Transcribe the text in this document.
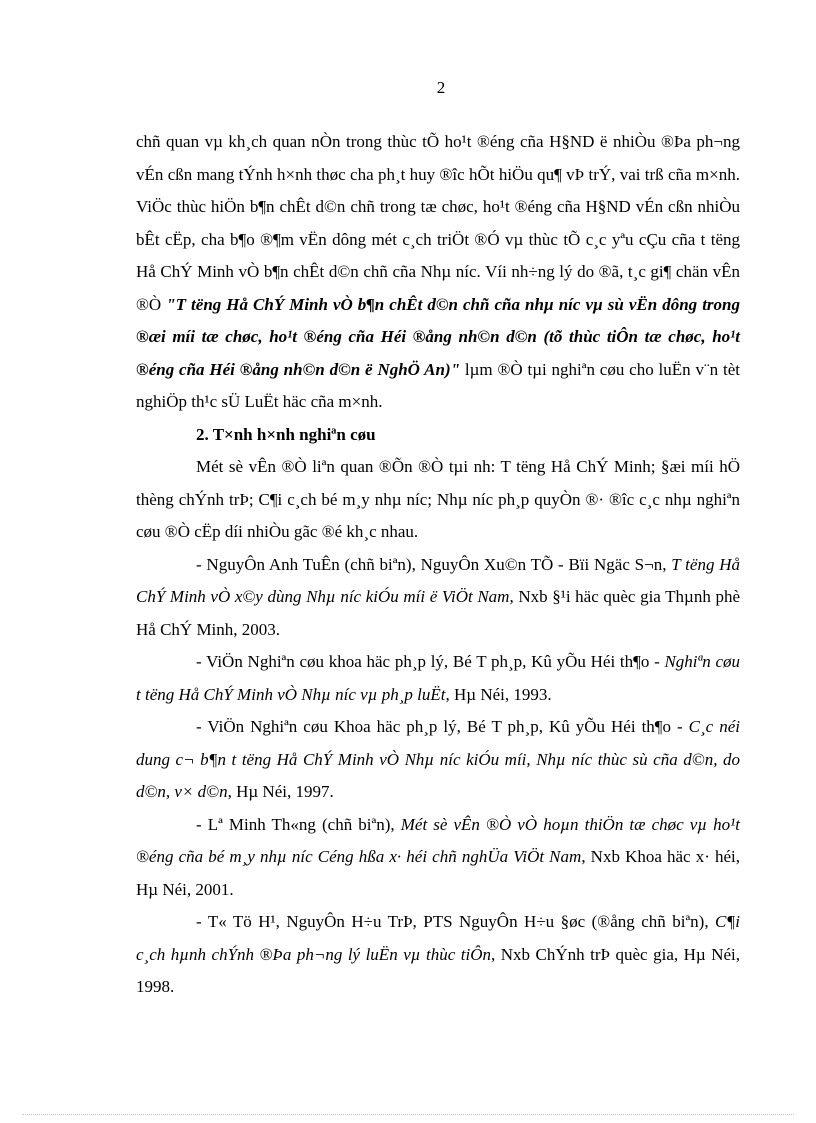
2

chñ quan vµ kh¸ch quan nÒn trong thùc tÕ ho¹t ®éng cña H§ND ë nhiÒu ®Þa ph¬ng vÉn cßn mang tÝnh h×nh thøc cha ph¸t huy ®îc hÕt hiÖu qu¶ vÞ trÝ, vai trß cña m×nh. ViÖc thùc hiÖn b¶n chÊt d©n chñ trong tæ chøc, ho¹t ®éng cña H§ND vÉn cßn nhiÒu bÊt cËp, cha b¶o ®¶m vËn dông mét c¸ch triÖt ®Ó vµ thùc tÕ c¸c yªu cÇu cña t tëng Hå ChÝ Minh vÒ b¶n chÊt d©n chñ cña Nhµ níc. Víi nh÷ng lý do ®ã, t¸c gi¶ chän vÊn ®Ò "T tëng Hå ChÝ Minh vÒ b¶n chÊt d©n chñ cña nhµ níc vµ sù vËn dông trong ®æi míi tæ chøc, ho¹t ®éng cña Héi ®ång nh©n d©n (tõ thùc tiÔn tæ chøc, ho¹t ®éng cña Héi ®ång nh©n d©n ë NghÖ An)" lµm ®Ò tµi nghiªn cøu cho luËn v¨n tèt nghiÖp th¹c sÜ LuËt häc cña m×nh.

2. T×nh h×nh nghiªn cøu

Mét sè vÊn ®Ò liªn quan ®Õn ®Ò tµi nh: T tëng Hå ChÝ Minh; §æi míi hÖ thèng chÝnh trÞ; C¶i c¸ch bé m¸y nhµ níc; Nhµ níc ph¸p quyÒn ®· ®îc c¸c nhµ nghiªn cøu ®Ò cËp díi nhiÒu gãc ®é kh¸c nhau.

- NguyÔn Anh TuÊn (chñ biªn), NguyÔn Xu©n TÕ - Bïi Ngäc S¬n, T tëng Hå ChÝ Minh vÒ x©y dùng Nhµ níc kiÓu míi ë ViÖt Nam, Nxb §¹i häc quèc gia Thµnh phè Hå ChÝ Minh, 2003.

- ViÖn Nghiªn cøu khoa häc ph¸p lý, Bé T ph¸p, Kû yÕu Héi th¶o - Nghiªn cøu t tëng Hå ChÝ Minh vÒ Nhµ níc vµ ph¸p luËt, Hµ Néi, 1993.

- ViÖn Nghiªn cøu Khoa häc ph¸p lý, Bé T ph¸p, Kû yÕu Héi th¶o - C¸c néi dung c¬ b¶n t tëng Hå ChÝ Minh vÒ Nhµ níc kiÓu míi, Nhµ níc thùc sù cña d©n, do d©n, v× d©n, Hµ Néi, 1997.

- Lª Minh Th«ng (chñ biªn), Mét sè vÊn ®Ò vÒ hoµn thiÖn tæ chøc vµ ho¹t ®éng cña bé m¸y nhµ níc Céng hßa x· héi chñ nghÜa ViÖt Nam, Nxb Khoa häc x· héi, Hµ Néi, 2001.

- T« Tö H¹, NguyÔn H÷u TrÞ, PTS NguyÔn H÷u §øc (®ång chñ biªn), C¶i c¸ch hµnh chÝnh ®Þa ph¬ng lý luËn vµ thùc tiÔn, Nxb ChÝnh trÞ quèc gia, Hµ Néi, 1998.
